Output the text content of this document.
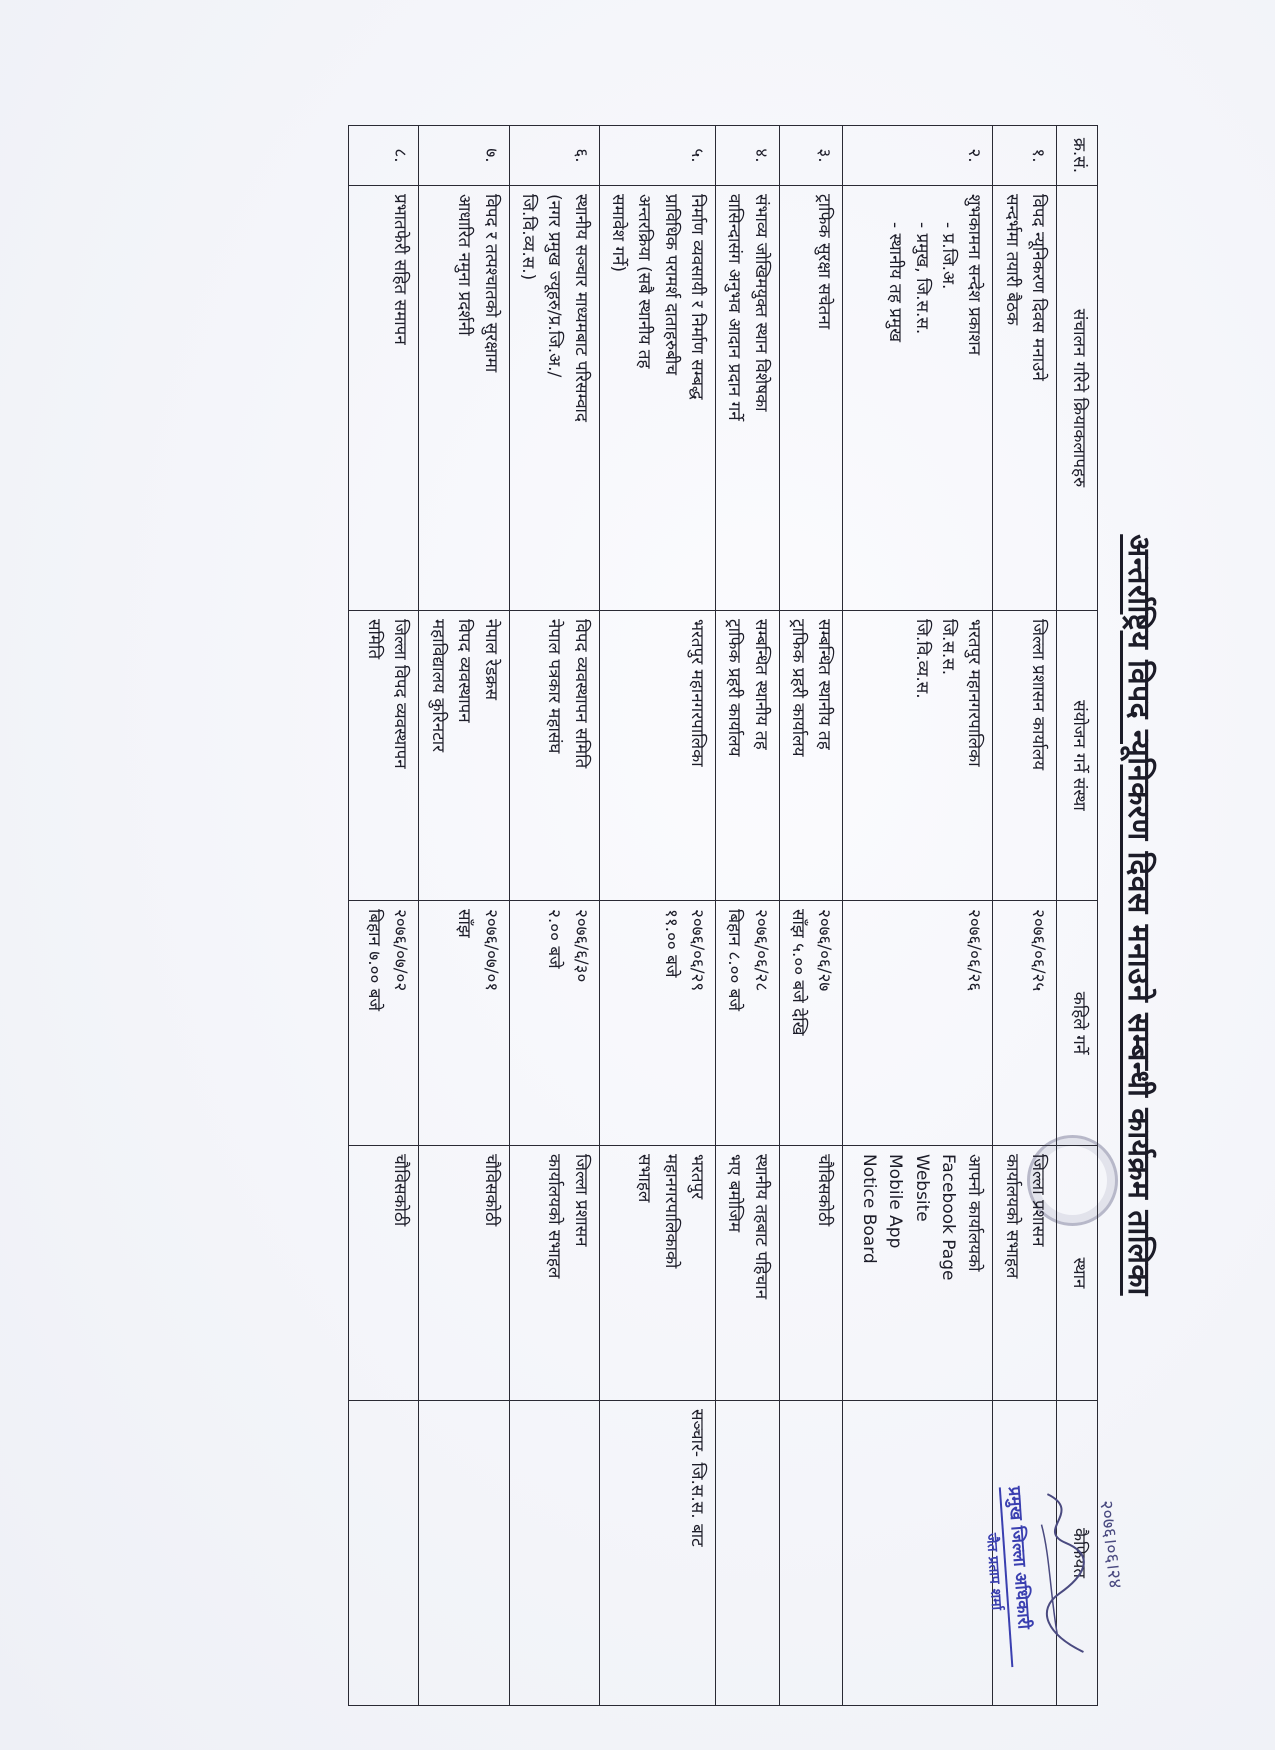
अन्तर्राष्ट्रिय विपद न्यूनिकरण दिवस मनाउने सम्बन्धी कार्यक्रम तालिका
क्र.सं.	संचालन गरिने क्रियाकलापहरु	संयोजन गर्ने संस्था	कहिले गर्ने	स्थान	कैफियत
१.	विपद न्यूनिकरण दिवस मनाउने
सन्दर्भमा तयारी बैठक	जिल्ला प्रशासन कार्यालय	२०७६/०६/२५	जिल्ला प्रशासन
कार्यालयको सभाहल	

२.	शुभकामना सन्देश प्रकाशन
- प्र.जि.अ.
- प्रमुख, जि.स.स.
- स्थानीय तह प्रमुख	भरतपुर महानगरपालिका
जि.स.स.
जि.वि.व्य.स.	२०७६/०६/२६	आफ्नो कार्यालयको
Facebook Page
Website
Mobile App
Notice Board	

३.	ट्राफिक सुरक्षा सचेतना	सम्बन्धित स्थानीय तह
ट्राफिक प्रहरी कार्यालय	२०७६/०६/२७
साँझ ५.०० बजे देखि	चौविसकोठी	

४.	संभाव्य जोखिमयुक्त स्थान विशेषका
वासिन्दासंग अनुभव आदान प्रदान गर्ने	सम्बन्धित स्थानीय तह
ट्राफिक प्रहरी कार्यालय	२०७६/०६/२८
बिहान ८.०० बजे	स्थानीय तहबाट पहिचान
भए बमोजिम	

५.	निर्माण व्यवसायी र निर्माण सम्बद्ध
प्राविधिक परामर्श दाताहरुबीच
अन्तरक्रिया (सबै स्थानीय तह
समावेश गर्ने)	भरतपुर महानगरपालिका	२०७६/०६/२९
११.०० बजे	भरतपुर
महानगरपालिकाको
सभाहल	सञ्चार- जि.स.स. बाट

६.	स्थानीय सञ्चार माध्यमबाट परिसम्वाद
(नगर प्रमुख ज्यूहरु/प्र.जि.अ./
जि.वि.व्य.स.)	विपद व्यवस्थापन समिति
नेपाल पत्रकार महासंघ	२०७६/६/३०
२.०० बजे	जिल्ला प्रशासन
कार्यालयको सभाहल	

७.	विपद र तत्पश्चातको सुरक्षामा
आधारित नमुना प्रदर्शनी	नेपाल रेडक्रस
विपद व्यवस्थापन
महाविद्यालय कुरिनटार	२०७६/०७/०१
साँझ	चौविसकोठी	

८.	प्रभातफेरी सहित समापन	जिल्ला विपद व्यवस्थापन
समिति	२०७६/०७/०२
बिहान ७.०० बजे	चौविसकोठी	

२०७६।०६।२४
प्रमुख जिल्ला अधिकारी
जैत प्रताप शर्मा
